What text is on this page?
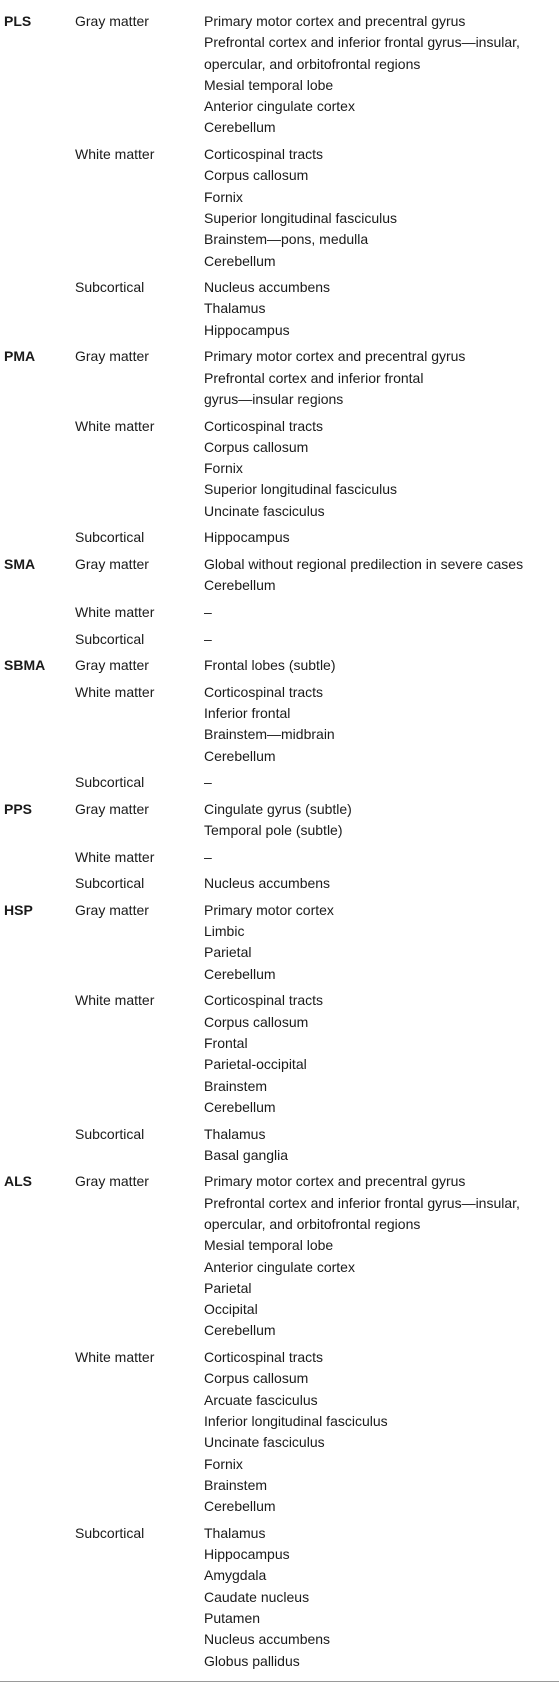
PLS	Gray matter	Primary motor cortex and precentral gyrus
Prefrontal cortex and inferior frontal gyrus—insular,
opercular, and orbitofrontal regions
Mesial temporal lobe
Anterior cingulate cortex
Cerebellum
White matter	Corticospinal tracts
Corpus callosum
Fornix
Superior longitudinal fasciculus
Brainstem—pons, medulla
Cerebellum
Subcortical	Nucleus accumbens
Thalamus
Hippocampus
PMA	Gray matter	Primary motor cortex and precentral gyrus
Prefrontal cortex and inferior frontal
gyrus—insular regions
White matter	Corticospinal tracts
Corpus callosum
Fornix
Superior longitudinal fasciculus
Uncinate fasciculus
Subcortical	Hippocampus
SMA	Gray matter	Global without regional predilection in severe cases
Cerebellum
White matter	–
Subcortical	–
SBMA	Gray matter	Frontal lobes (subtle)
White matter	Corticospinal tracts
Inferior frontal
Brainstem—midbrain
Cerebellum
Subcortical	–
PPS	Gray matter	Cingulate gyrus (subtle)
Temporal pole (subtle)
White matter	–
Subcortical	Nucleus accumbens
HSP	Gray matter	Primary motor cortex
Limbic
Parietal
Cerebellum
White matter	Corticospinal tracts
Corpus callosum
Frontal
Parietal-occipital
Brainstem
Cerebellum
Subcortical	Thalamus
Basal ganglia
ALS	Gray matter	Primary motor cortex and precentral gyrus
Prefrontal cortex and inferior frontal gyrus—insular,
opercular, and orbitofrontal regions
Mesial temporal lobe
Anterior cingulate cortex
Parietal
Occipital
Cerebellum
White matter	Corticospinal tracts
Corpus callosum
Arcuate fasciculus
Inferior longitudinal fasciculus
Uncinate fasciculus
Fornix
Brainstem
Cerebellum
Subcortical	Thalamus
Hippocampus
Amygdala
Caudate nucleus
Putamen
Nucleus accumbens
Globus pallidus
